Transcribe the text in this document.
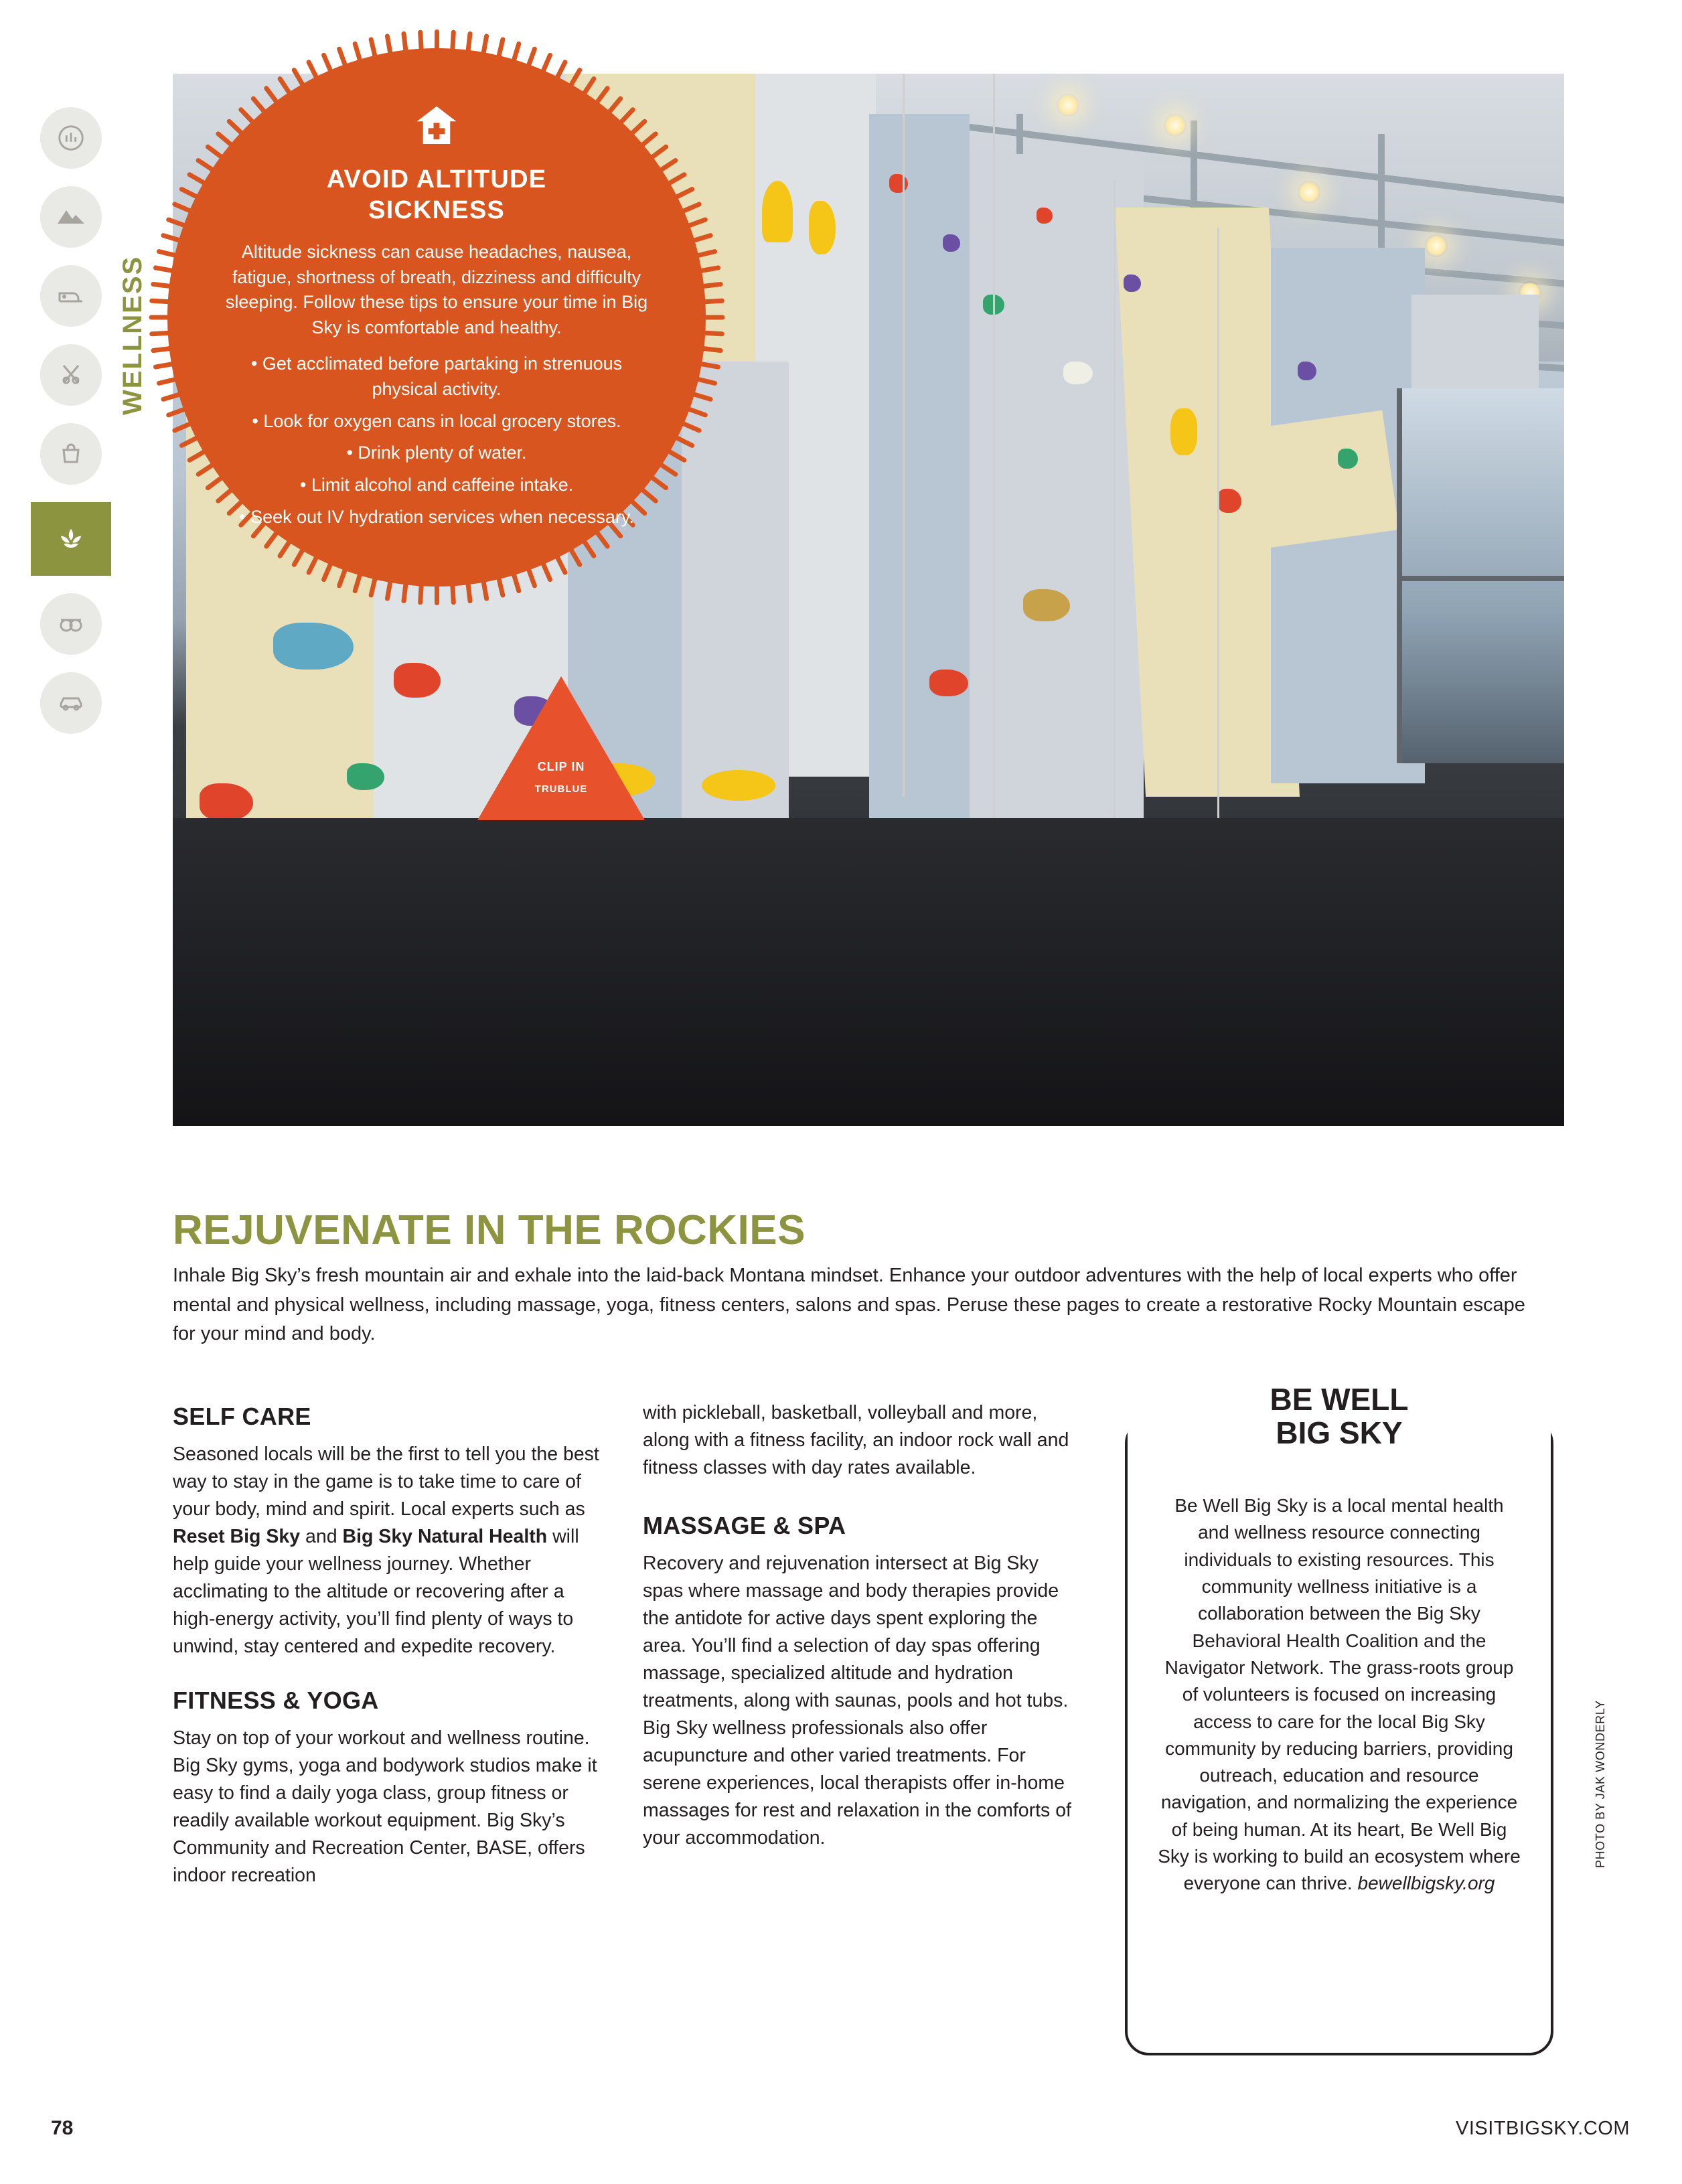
WELLNESS
CLIP IN
TRUBLUE
AVOID ALTITUDE
SICKNESS
Altitude sickness can cause headaches, nausea, fatigue, shortness of breath, dizziness and difficulty sleeping. Follow these tips to ensure your time in Big Sky is comfortable and healthy.
• Get acclimated before partaking in strenuous physical activity.
• Look for oxygen cans in local grocery stores.
• Drink plenty of water.
• Limit alcohol and caffeine intake.
• Seek out IV hydration services when necessary.
REJUVENATE IN THE ROCKIES

Inhale Big Sky’s fresh mountain air and exhale into the laid-back Montana mindset. Enhance your outdoor adventures with the help of local experts who offer mental and physical wellness, including massage, yoga, fitness centers, salons and spas. Peruse these pages to create a restorative Rocky Mountain escape for your mind and body.

SELF CARE

Seasoned locals will be the first to tell you the best way to stay in the game is to take time to care of your body, mind and spirit. Local experts such as Reset Big Sky and Big Sky Natural Health will help guide your wellness journey. Whether acclimating to the altitude or recovering after a high-energy activity, you’ll find plenty of ways to unwind, stay centered and expedite recovery.

FITNESS & YOGA

Stay on top of your workout and wellness routine. Big Sky gyms, yoga and bodywork studios make it easy to find a daily yoga class, group fitness or readily available workout equipment. Big Sky’s Community and Recreation Center, BASE, offers indoor recreation

with pickleball, basketball, volleyball and more, along with a fitness facility, an indoor rock wall and fitness classes with day rates available.

MASSAGE & SPA

Recovery and rejuvenation intersect at Big Sky spas where massage and body therapies provide the antidote for active days spent exploring the area. You’ll find a selection of day spas offering massage, specialized altitude and hydration treatments, along with saunas, pools and hot tubs. Big Sky wellness professionals also offer acupuncture and other varied treatments. For serene experiences, local therapists offer in-home massages for rest and relaxation in the comforts of your accommodation.

BE WELL
BIG SKY
Be Well Big Sky is a local mental health and wellness resource connecting individuals to existing resources. This community wellness initiative is a collaboration between the Big Sky Behavioral Health Coalition and the Navigator Network. The grass-roots group of volunteers is focused on increasing access to care for the local Big Sky community by reducing barriers, providing outreach, education and resource navigation, and normalizing the experience of being human. At its heart, Be Well Big Sky is working to build an ecosystem where everyone can thrive. bewellbigsky.org
PHOTO BY JAK WONDERLY
78	VISITBIGSKY.COM
